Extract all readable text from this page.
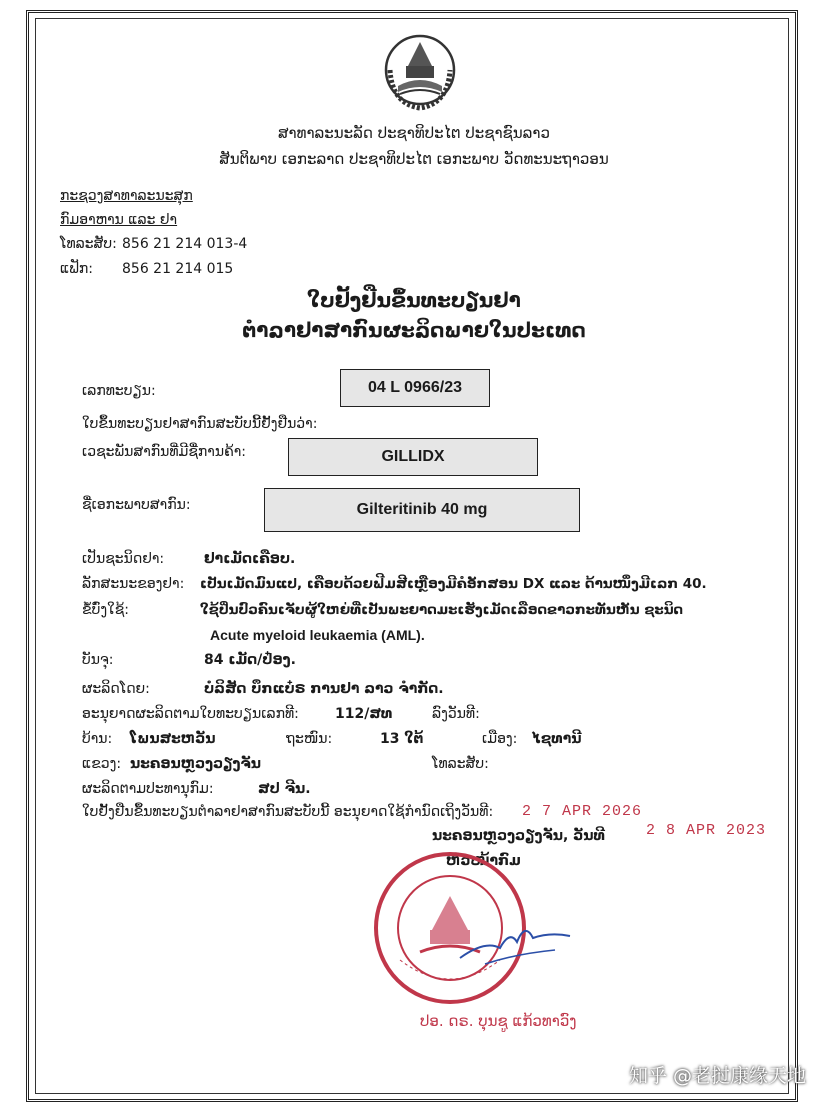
ສາທາລະນະລັດ ປະຊາທິປະໄຕ ປະຊາຊົນລາວ
ສັນຕິພາບ ເອກະລາດ ປະຊາທິປະໄຕ ເອກະພາບ ວັດທະນະຖາວອນ
ກະຊວງສາທາລະນະສຸກ
ກົມອາຫານ ແລະ ຢາ
ໂທລະສັບ: 856 21 214 013-4
ແຟັກ: 856 21 214 015
ໃບຢັ້ງຢືນຂຶ້ນທະບຽນຢາ
ຕຳລາຢາສາກົນຜະລິດພາຍໃນປະເທດ
ເລກທະບຽນ:	04 L 0966/23
ໃບຂຶ້ນທະບຽນຢາສາກົນສະບັບນີ້ຢັ້ງຢືນວ່າ:
ເວຊະພັນສາກົນທີ່ມີຊື່ການຄ້າ:	GILLIDX
ຊື່ເອກະພາບສາກົນ:	Gilteritinib 40 mg
ເປັນຊະນິດຢາ:	ຢາເມັດເຄືອບ.
ລັກສະນະຂອງຢາ: ເປັນເມັດມົນແປ, ເຄືອບດ້ວຍຟີມສີເຫຼືອງມີຄໍອັກສອນ DX ແລະ ດ້ານໜຶ່ງມີເລກ 40.
ຂໍ້ບົ່ງໃຊ້:	ໃຊ້ປິ່ນປົວຄົນເຈັບຜູ້ໃຫຍ່ທີ່ເປັນພະຍາດມະເຮັງເມັດເລືອດຂາວກະທັນຫັນ ຊະນິດ
Acute myeloid leukaemia (AML).
ບັນຈຸ:	84 ເມັດ/ປ໋ອງ.
ຜະລິດໂດຍ:	ບໍລິສັດ ບຶກແບ໋ຣ ການຢາ ລາວ ຈຳກັດ.
ອະນຸຍາດຜະລິດຕາມໃບທະບຽນເລກທີ:	112/ສທ	ລົງວັນທີ:
ບ້ານ: ໂພນສະຫວັນ	ຖະໜົນ:	13 ໃຕ້	ເມືອງ: ໄຊທານີ
ແຂວງ: ນະຄອນຫຼວງວຽງຈັນ	ໂທລະສັບ:
ຜະລິດຕາມປະທານຸກົມ:	ສປ ຈີນ.
ໃບຢັ້ງຢືນຂຶ້ນທະບຽນຕຳລາຢາສາກົນສະບັບນີ້ ອະນຸຍາດໃຊ້ກຳນົດເຖິງວັນທີ: 2 7 APR 2026
ນະຄອນຫຼວງວຽງຈັນ, ວັນທີ	2 8 APR 2023
ຫົວໜ້າກົມ
ປອ. ດຣ. ບຸນຊູ ແກ້ວທາວົງ
知乎 @老挝康缘天地
